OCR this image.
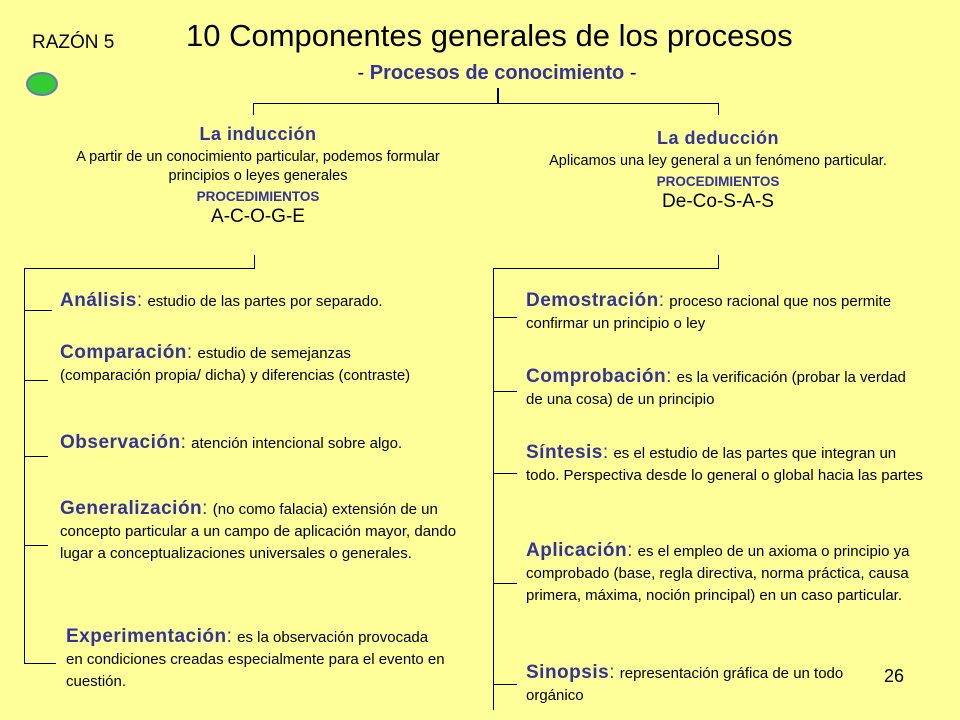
RAZÓN 5 10 Componentes generales de los procesos
- Procesos de conocimiento -
La inducción
A partir de un conocimiento particular, podemos formular principios o leyes generales
PROCEDIMIENTOS
A-C-O-G-E
La deducción
Aplicamos una ley general a un fenómeno particular.
PROCEDIMIENTOS
De-Co-S-A-S
Análisis: estudio de las partes por separado.
Comparación: estudio de semejanzas (comparación propia/ dicha) y diferencias (contraste)
Observación: atención intencional sobre algo.
Generalización: (no como falacia) extensión de un concepto particular a un campo de aplicación mayor, dando lugar a conceptualizaciones universales o generales.
Experimentación: es la observación provocada en condiciones creadas especialmente para el evento en cuestión.
Demostración: proceso racional que nos permite confirmar un principio o ley
Comprobación: es la verificación (probar la verdad de una cosa) de un principio
Síntesis: es el estudio de las partes que integran un todo. Perspectiva desde lo general o global hacia las partes
Aplicación: es el empleo de un axioma o principio ya comprobado (base, regla directiva, norma práctica, causa primera, máxima, noción principal) en un caso particular.
Sinopsis: representación gráfica de un todo orgánico
26
